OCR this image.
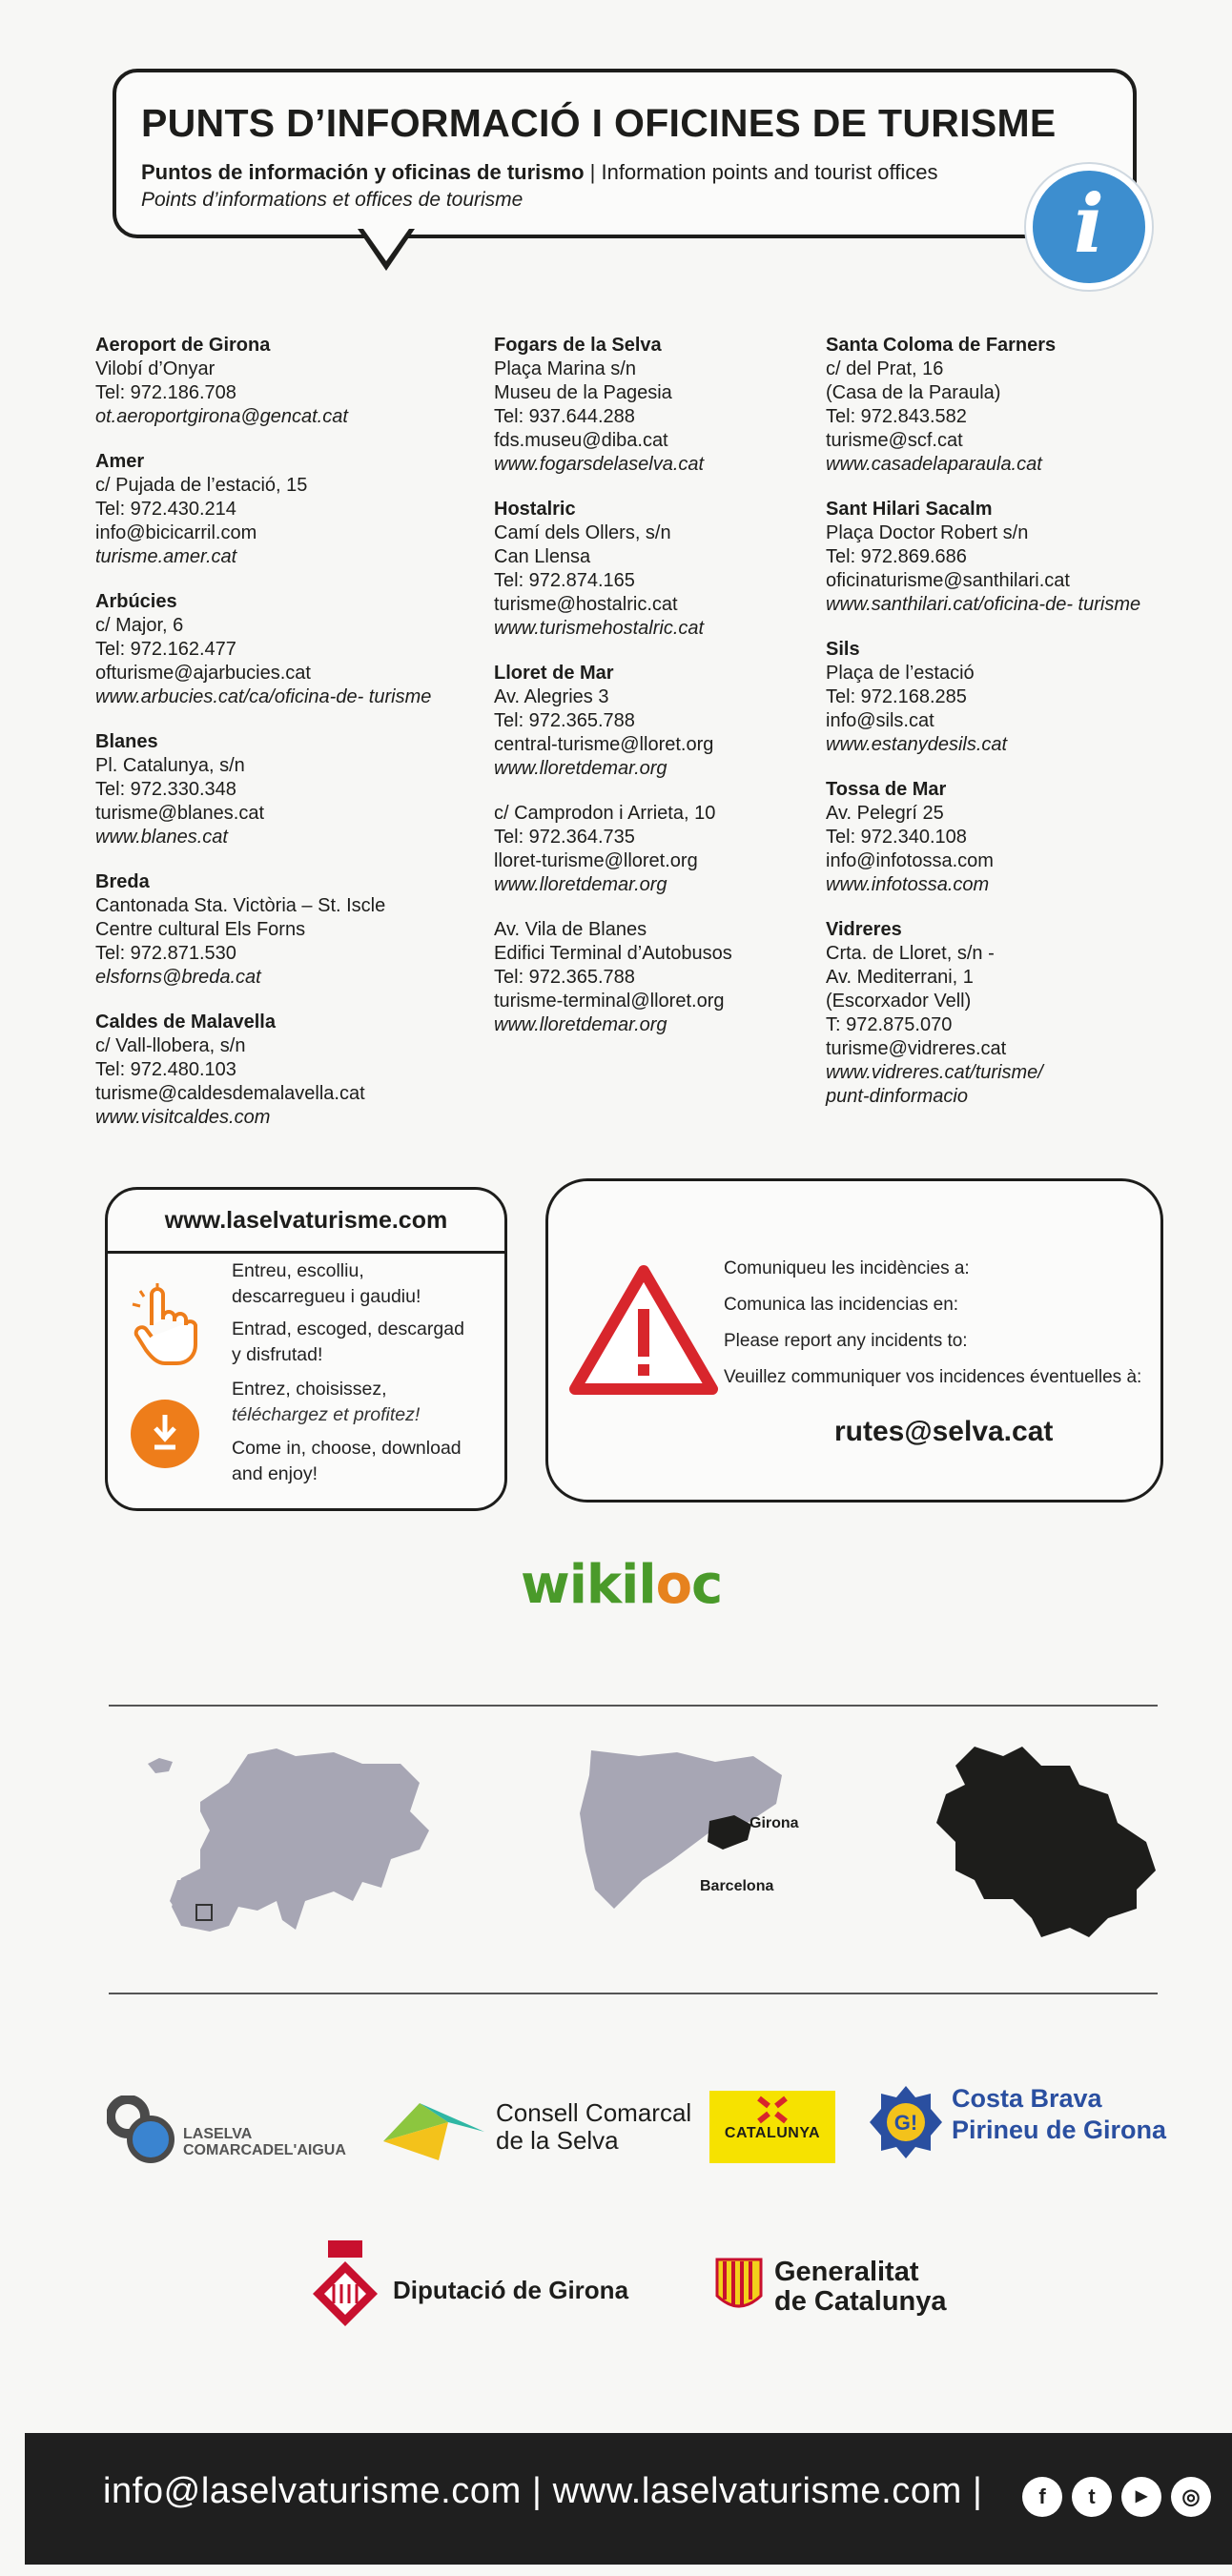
PUNTS D’INFORMACIÓ I OFICINES DE TURISME
Puntos de información y oficinas de turismo | Information points and tourist offices
Points d’informations et offices de tourisme	i
Aeroport de Girona
Vilobí d’Onyar
Tel: 972.186.708
ot.aeroportgirona@gencat.cat
Amer
c/ Pujada de l’estació, 15
Tel: 972.430.214
info@bicicarril.com
turisme.amer.cat
Arbúcies
c/ Major, 6
Tel: 972.162.477
ofturisme@ajarbucies.cat
www.arbucies.cat/ca/oficina-de- turisme
Blanes
Pl. Catalunya, s/n
Tel: 972.330.348
turisme@blanes.cat
www.blanes.cat
Breda
Cantonada Sta. Victòria – St. Iscle
Centre cultural Els Forns
Tel: 972.871.530
elsforns@breda.cat
Caldes de Malavella
c/ Vall-llobera, s/n
Tel: 972.480.103
turisme@caldesdemalavella.cat
www.visitcaldes.com
Fogars de la Selva
Plaça Marina s/n
Museu de la Pagesia
Tel: 937.644.288
fds.museu@diba.cat
www.fogarsdelaselva.cat
Hostalric
Camí dels Ollers, s/n
Can Llensa
Tel: 972.874.165
turisme@hostalric.cat
www.turismehostalric.cat
Lloret de Mar
Av. Alegries 3
Tel: 972.365.788
central-turisme@lloret.org
www.lloretdemar.org
c/ Camprodon i Arrieta, 10
Tel: 972.364.735
lloret-turisme@lloret.org
www.lloretdemar.org
Av. Vila de Blanes
Edifici Terminal d’Autobusos
Tel: 972.365.788
turisme-terminal@lloret.org
www.lloretdemar.org
Santa Coloma de Farners
c/ del Prat, 16
(Casa de la Paraula)
Tel: 972.843.582
turisme@scf.cat
www.casadelaparaula.cat
Sant Hilari Sacalm
Plaça Doctor Robert s/n
Tel: 972.869.686
oficinaturisme@santhilari.cat
www.santhilari.cat/oficina-de- turisme
Sils
Plaça de l’estació
Tel: 972.168.285
info@sils.cat
www.estanydesils.cat
Tossa de Mar
Av. Pelegrí 25
Tel: 972.340.108
info@infotossa.com
www.infotossa.com
Vidreres
Crta. de Lloret, s/n -
Av. Mediterrani, 1
(Escorxador Vell)
T: 972.875.070
turisme@vidreres.cat
www.vidreres.cat/turisme/
punt-dinformacio
www.laselvaturisme.com
Entreu, escolliu,
descarregueu i gaudiu!
Entrad, escoged, descargad
y disfrutad!
Entrez, choisissez,
téléchargez et profitez!
Come in, choose, download
and enjoy!
Comuniqueu les incidències a:
Comunica las incidencias en:
Please report any incidents to:
Veuillez communiquer vos incidences éventuelles à:
rutes@selva.cat
wikiloc
Girona
Barcelona
LASELVA
COMARCADEL'AIGUA
Consell Comarcal
de la Selva	CATALUNYA	G!
Costa Brava
Pirineu de Girona
Diputació de Girona
Generalitat
de Catalunya
info@laselvaturisme.com | www.laselvaturisme.com |	f	t	▶	◎
